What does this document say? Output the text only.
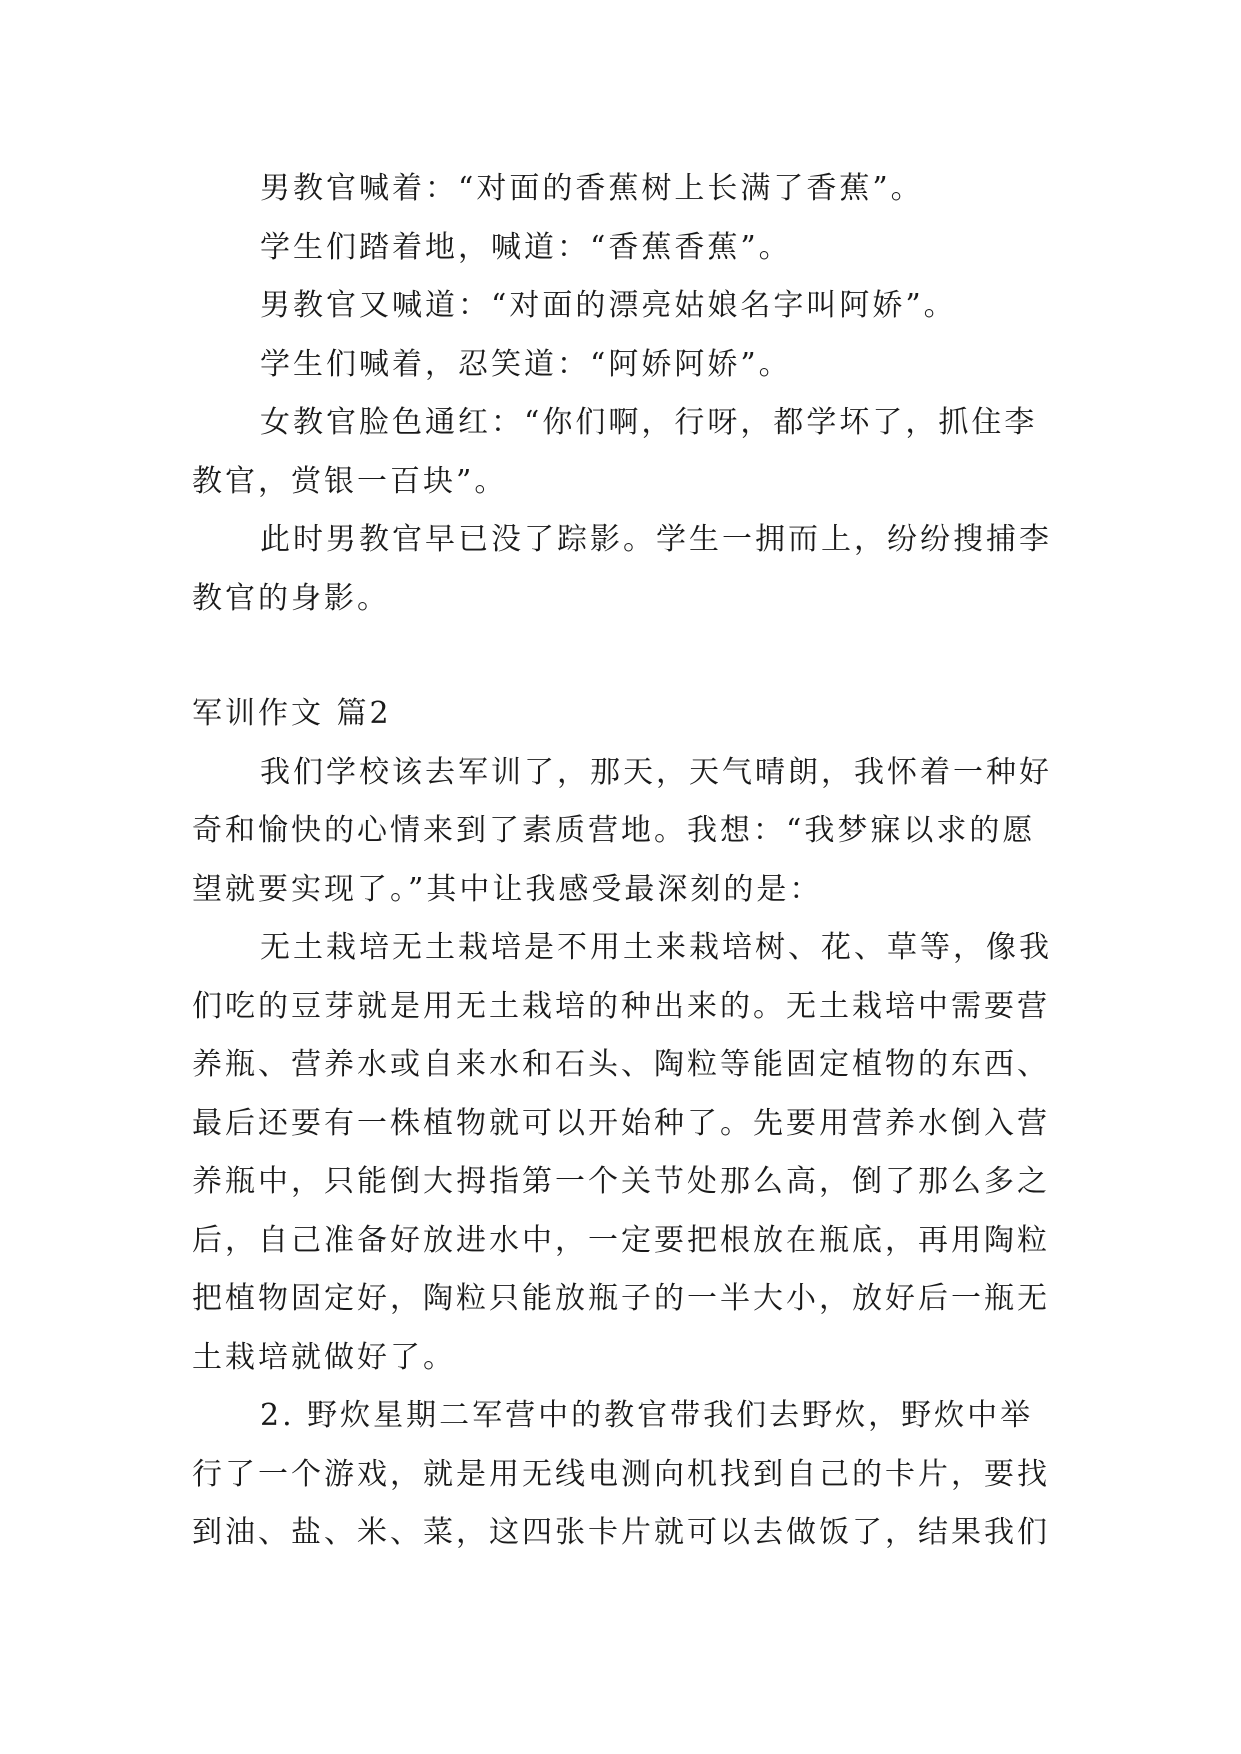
男教官喊着：“对面的香蕉树上长满了香蕉”。

学生们踏着地，喊道：“香蕉香蕉”。

男教官又喊道：“对面的漂亮姑娘名字叫阿娇”。

学生们喊着，忍笑道：“阿娇阿娇”。

女教官脸色通红：“你们啊，行呀，都学坏了，抓住李教官，赏银一百块”。

此时男教官早已没了踪影。学生一拥而上，纷纷搜捕李教官的身影。

军训作文 篇2

我们学校该去军训了，那天，天气晴朗，我怀着一种好奇和愉快的心情来到了素质营地。我想：“我梦寐以求的愿望就要实现了。”其中让我感受最深刻的是：

无土栽培无土栽培是不用土来栽培树、花、草等，像我们吃的豆芽就是用无土栽培的种出来的。无土栽培中需要营养瓶、营养水或自来水和石头、陶粒等能固定植物的东西、最后还要有一株植物就可以开始种了。先要用营养水倒入营养瓶中，只能倒大拇指第一个关节处那么高，倒了那么多之后，自己准备好放进水中，一定要把根放在瓶底，再用陶粒把植物固定好，陶粒只能放瓶子的一半大小，放好后一瓶无土栽培就做好了。

2. 野炊星期二军营中的教官带我们去野炊，野炊中举行了一个游戏，就是用无线电测向机找到自己的卡片，要找到油、盐、米、菜，这四张卡片就可以去做饭了，结果我们
